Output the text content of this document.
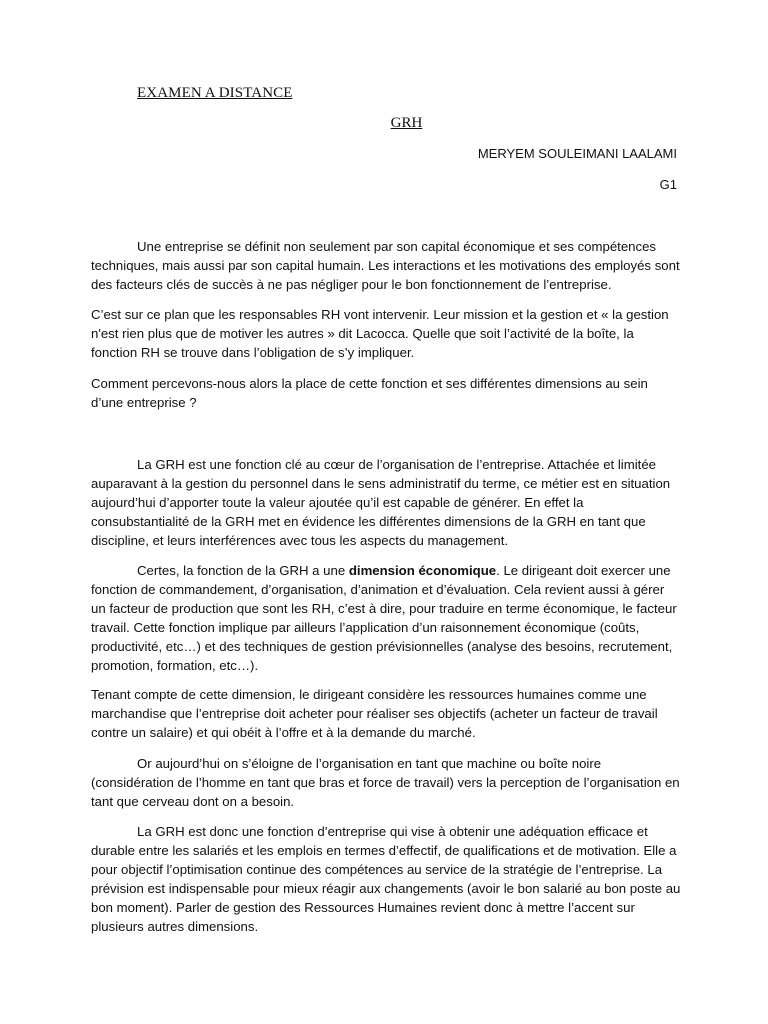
EXAMEN A DISTANCE
GRH
MERYEM SOULEIMANI LAALAMI
G1

Une entreprise se définit non seulement par son capital économique et ses compétences techniques, mais aussi par son capital humain. Les interactions et les motivations des employés sont des facteurs clés de succès à ne pas négliger pour le bon fonctionnement de l’entreprise.

C’est sur ce plan que les responsables RH vont intervenir. Leur mission et la gestion et « la gestion n'est rien plus que de motiver les autres » dit Lacocca. Quelle que soit l’activité de la boîte, la fonction RH se trouve dans l’obligation de s’y impliquer.

Comment percevons-nous alors la place de cette fonction et ses différentes dimensions au sein d’une entreprise ?

La GRH est une fonction clé au cœur de l’organisation de l’entreprise. Attachée et limitée auparavant à la gestion du personnel dans le sens administratif du terme, ce métier est en situation aujourd’hui d’apporter toute la valeur ajoutée qu’il est capable de générer. En effet la consubstantialité de la GRH met en évidence les différentes dimensions de la GRH en tant que discipline, et leurs interférences avec tous les aspects du management.

Certes, la fonction de la GRH a une dimension économique. Le dirigeant doit exercer une fonction de commandement, d’organisation, d’animation et d’évaluation. Cela revient aussi à gérer un facteur de production que sont les RH, c’est à dire, pour traduire en terme économique, le facteur travail. Cette fonction implique par ailleurs l’application d’un raisonnement économique (coûts, productivité, etc…) et des techniques de gestion prévisionnelles (analyse des besoins, recrutement, promotion, formation, etc…).

Tenant compte de cette dimension, le dirigeant considère les ressources humaines comme une marchandise que l’entreprise doit acheter pour réaliser ses objectifs (acheter un facteur de travail contre un salaire) et qui obéit à l’offre et à la demande du marché.

Or aujourd’hui on s’éloigne de l’organisation en tant que machine ou boîte noire (considération de l’homme en tant que bras et force de travail) vers la perception de l’organisation en tant que cerveau dont on a besoin.

La GRH est donc une fonction d’entreprise qui vise à obtenir une adéquation efficace et durable entre les salariés et les emplois en termes d’effectif, de qualifications et de motivation. Elle a pour objectif l’optimisation continue des compétences au service de la stratégie de l’entreprise. La prévision est indispensable pour mieux réagir aux changements (avoir le bon salarié au bon poste au bon moment). Parler de gestion des Ressources Humaines revient donc à mettre l’accent sur plusieurs autres dimensions.
